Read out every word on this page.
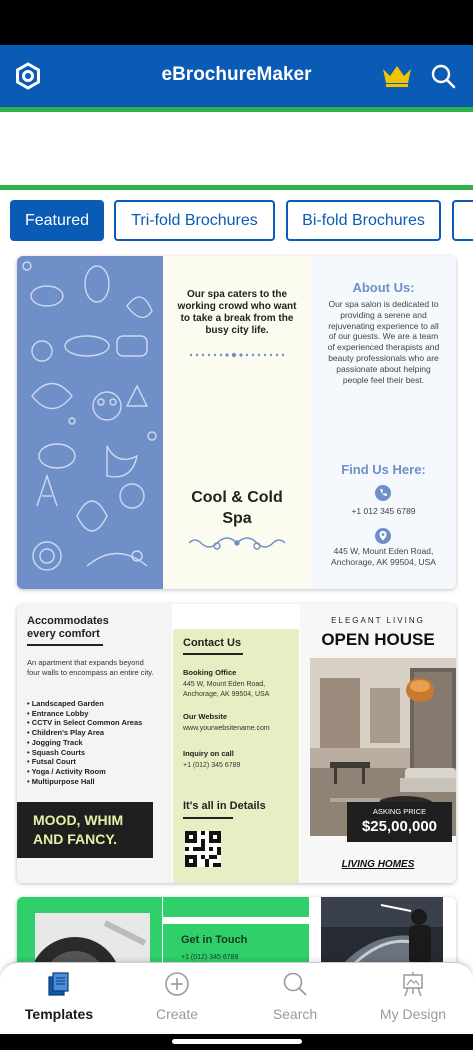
eBrochureMaker
Featured	Tri-fold Brochures	Bi-fold Brochures
Our spa caters to the working crowd who want to take a break from the busy city life.
Cool & Cold Spa
About Us:
Our spa salon is dedicated to providing a serene and rejuvenating experience to all of our guests. We are a team of experienced therapists and beauty professionals who are passionate about helping people feel their best.
Find Us Here:
+1 012 345 6789
445 W, Mount Eden Road, Anchorage, AK 99504, USA
Accommodates every comfort
An apartment that expands beyond four walls to encompass an entire city.
• Landscaped Garden
• Entrance Lobby
• CCTV in Select Common Areas
• Children's Play Area
• Jogging Track
• Squash Courts
• Futsal Court
• Yoga / Activity Room
• Multipurpose Hall
MOOD, WHIM AND FANCY.
Contact Us
Booking Office
445 W, Mount Eden Road, Anchorage, AK 99504, USA
Our Website
www.yourwebsitename.com
Inquiry on call
+1 (012) 345 6789
It's all in Details
ELEGANT LIVING
OPEN HOUSE
ASKING PRICE
$25,00,000
LIVING HOMES
Get in Touch
+1 (012) 345 6789
Templates	Create	Search	My Design
